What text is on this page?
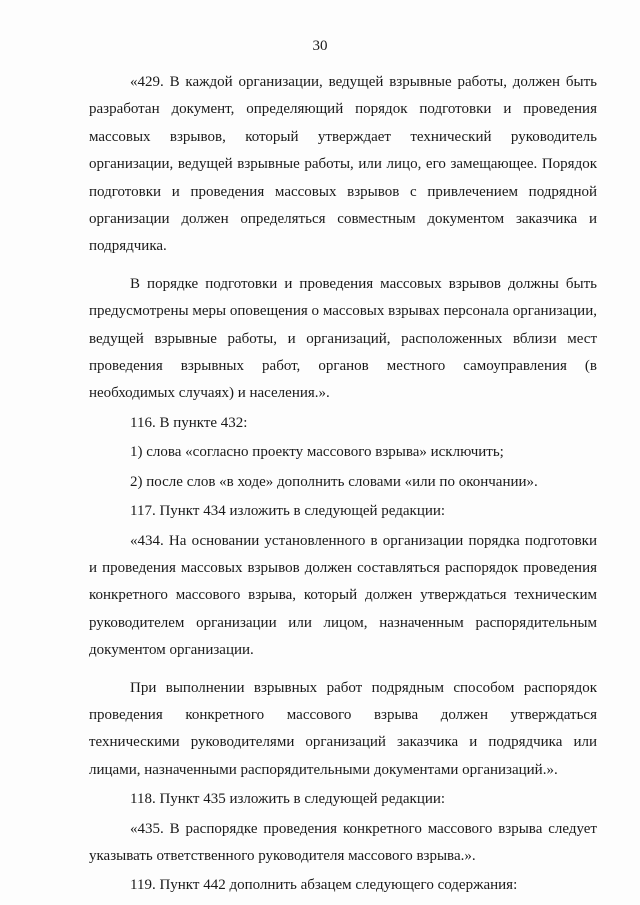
30

«429. В каждой организации, ведущей взрывные работы, должен быть разработан документ, определяющий порядок подготовки и проведения массовых взрывов, который утверждает технический руководитель организации, ведущей взрывные работы, или лицо, его замещающее. Порядок подготовки и проведения массовых взрывов с привлечением подрядной организации должен определяться совместным документом заказчика и подрядчика.

В порядке подготовки и проведения массовых взрывов должны быть предусмотрены меры оповещения о массовых взрывах персонала организации, ведущей взрывные работы, и организаций, расположенных вблизи мест проведения взрывных работ, органов местного самоуправления (в необходимых случаях) и населения.».

116. В пункте 432:

1) слова «согласно проекту массового взрыва» исключить;

2) после слов «в ходе» дополнить словами «или по окончании».

117. Пункт 434 изложить в следующей редакции:

«434. На основании установленного в организации порядка подготовки и проведения массовых взрывов должен составляться распорядок проведения конкретного массового взрыва, который должен утверждаться техническим руководителем организации или лицом, назначенным распорядительным документом организации.

При выполнении взрывных работ подрядным способом распорядок проведения конкретного массового взрыва должен утверждаться техническими руководителями организаций заказчика и подрядчика или лицами, назначенными распорядительными документами организаций.».

118. Пункт 435 изложить в следующей редакции:

«435. В распорядке проведения конкретного массового взрыва следует указывать ответственного руководителя массового взрыва.».

119. Пункт 442 дополнить абзацем следующего содержания:
